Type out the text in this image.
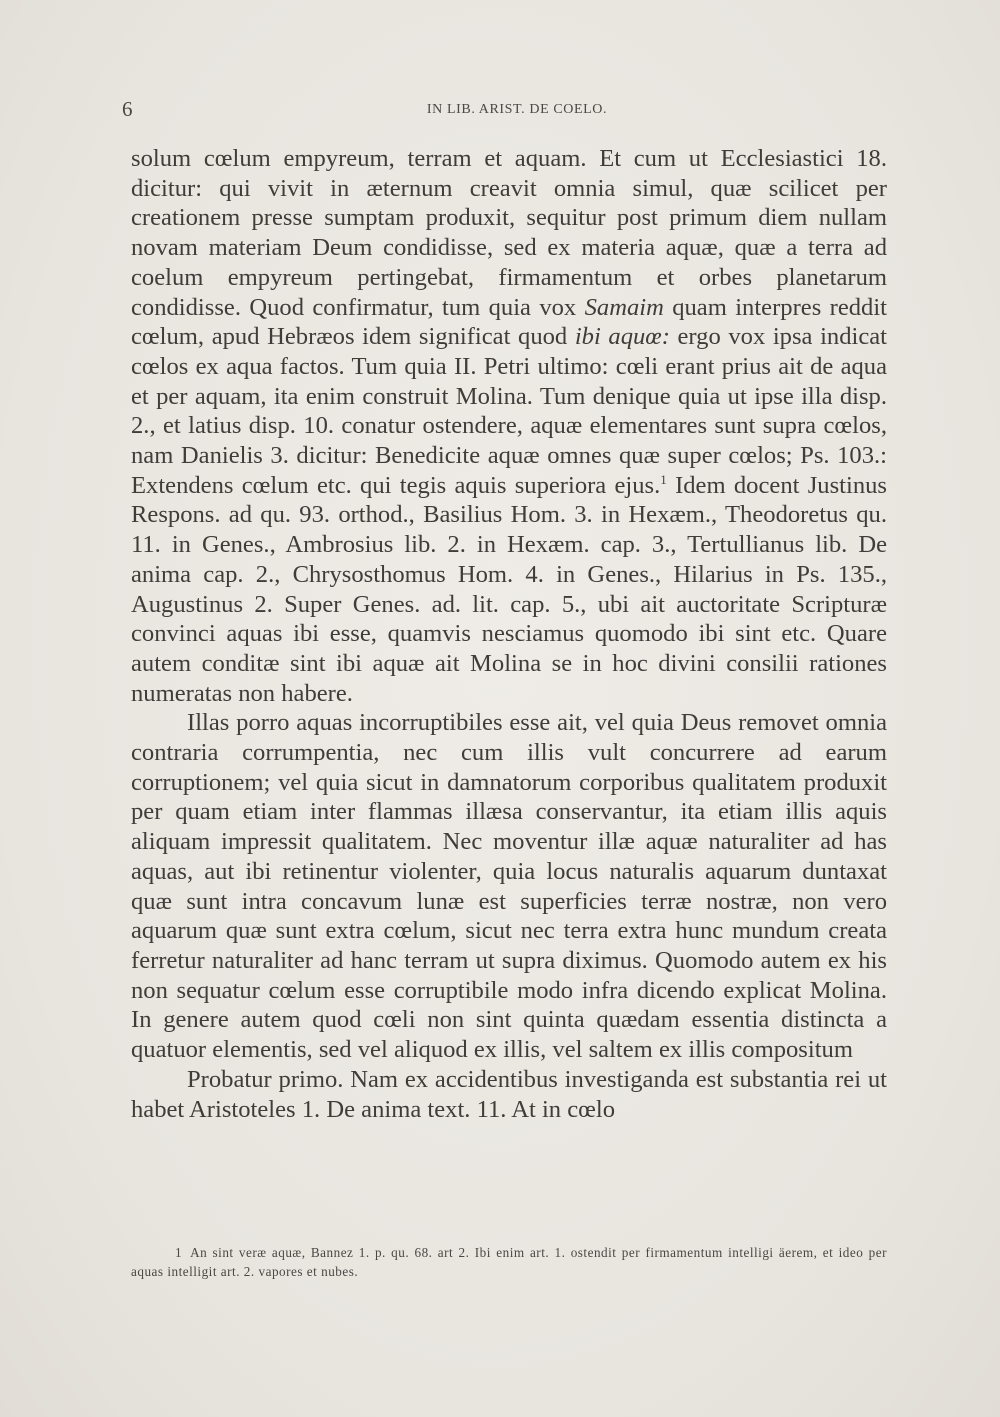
6	IN LIB. ARIST. DE COELO.

solum cœlum empyreum, terram et aquam. Et cum ut Ecclesiastici 18. dicitur: qui vivit in æternum creavit omnia simul, quæ scilicet per creationem presse sumptam produxit, sequitur post primum diem nullam novam materiam Deum condidisse, sed ex materia aquæ, quæ a terra ad coelum empyreum pertingebat, firmamentum et orbes planetarum condidisse. Quod confirmatur, tum quia vox Samaim quam interpres reddit cœlum, apud Hebræos idem significat quod ibi aquœ: ergo vox ipsa indicat cœlos ex aqua factos. Tum quia II. Petri ultimo: cœli erant prius ait de aqua et per aquam, ita enim construit Molina. Tum denique quia ut ipse illa disp. 2., et latius disp. 10. conatur ostendere, aquæ elementares sunt supra cœlos, nam Danielis 3. dicitur: Benedicite aquæ omnes quæ super cœlos; Ps. 103.: Extendens cœlum etc. qui tegis aquis superiora ejus.$^1$ Idem docent Justinus Respons. ad qu. 93. orthod., Basilius Hom. 3. in Hexæm., Theodoretus qu. 11. in Genes., Ambrosius lib. 2. in Hexæm. cap. 3., Tertullianus lib. De anima cap. 2., Chrysosthomus Hom. 4. in Genes., Hilarius in Ps. 135., Augustinus 2. Super Genes. ad. lit. cap. 5., ubi ait auctoritate Scripturæ convinci aquas ibi esse, quamvis nesciamus quomodo ibi sint etc. Quare autem conditæ sint ibi aquæ ait Molina se in hoc divini consilii rationes numeratas non habere.

Illas porro aquas incorruptibiles esse ait, vel quia Deus removet omnia contraria corrumpentia, nec cum illis vult concurrere ad earum corruptionem; vel quia sicut in damnatorum corporibus qualitatem produxit per quam etiam inter flammas illæsa conservantur, ita etiam illis aquis aliquam impressit qualitatem. Nec moventur illæ aquæ naturaliter ad has aquas, aut ibi retinentur violenter, quia locus naturalis aquarum duntaxat quæ sunt intra concavum lunæ est superficies terræ nostræ, non vero aquarum quæ sunt extra cœlum, sicut nec terra extra hunc mundum creata ferretur naturaliter ad hanc terram ut supra diximus. Quomodo autem ex his non sequatur cœlum esse corruptibile modo infra dicendo explicat Molina. In genere autem quod cœli non sint quinta quædam essentia distincta a quatuor elementis, sed vel aliquod ex illis, vel saltem ex illis compositum

Probatur primo. Nam ex accidentibus investiganda est substantia rei ut habet Aristoteles 1. De anima text. 11. At in cœlo

1 An sint veræ aquæ, Bannez 1. p. qu. 68. art 2. Ibi enim art. 1. ostendit per firmamentum intelligi äerem, et ideo per aquas intelligit art. 2. vapores et nubes.
